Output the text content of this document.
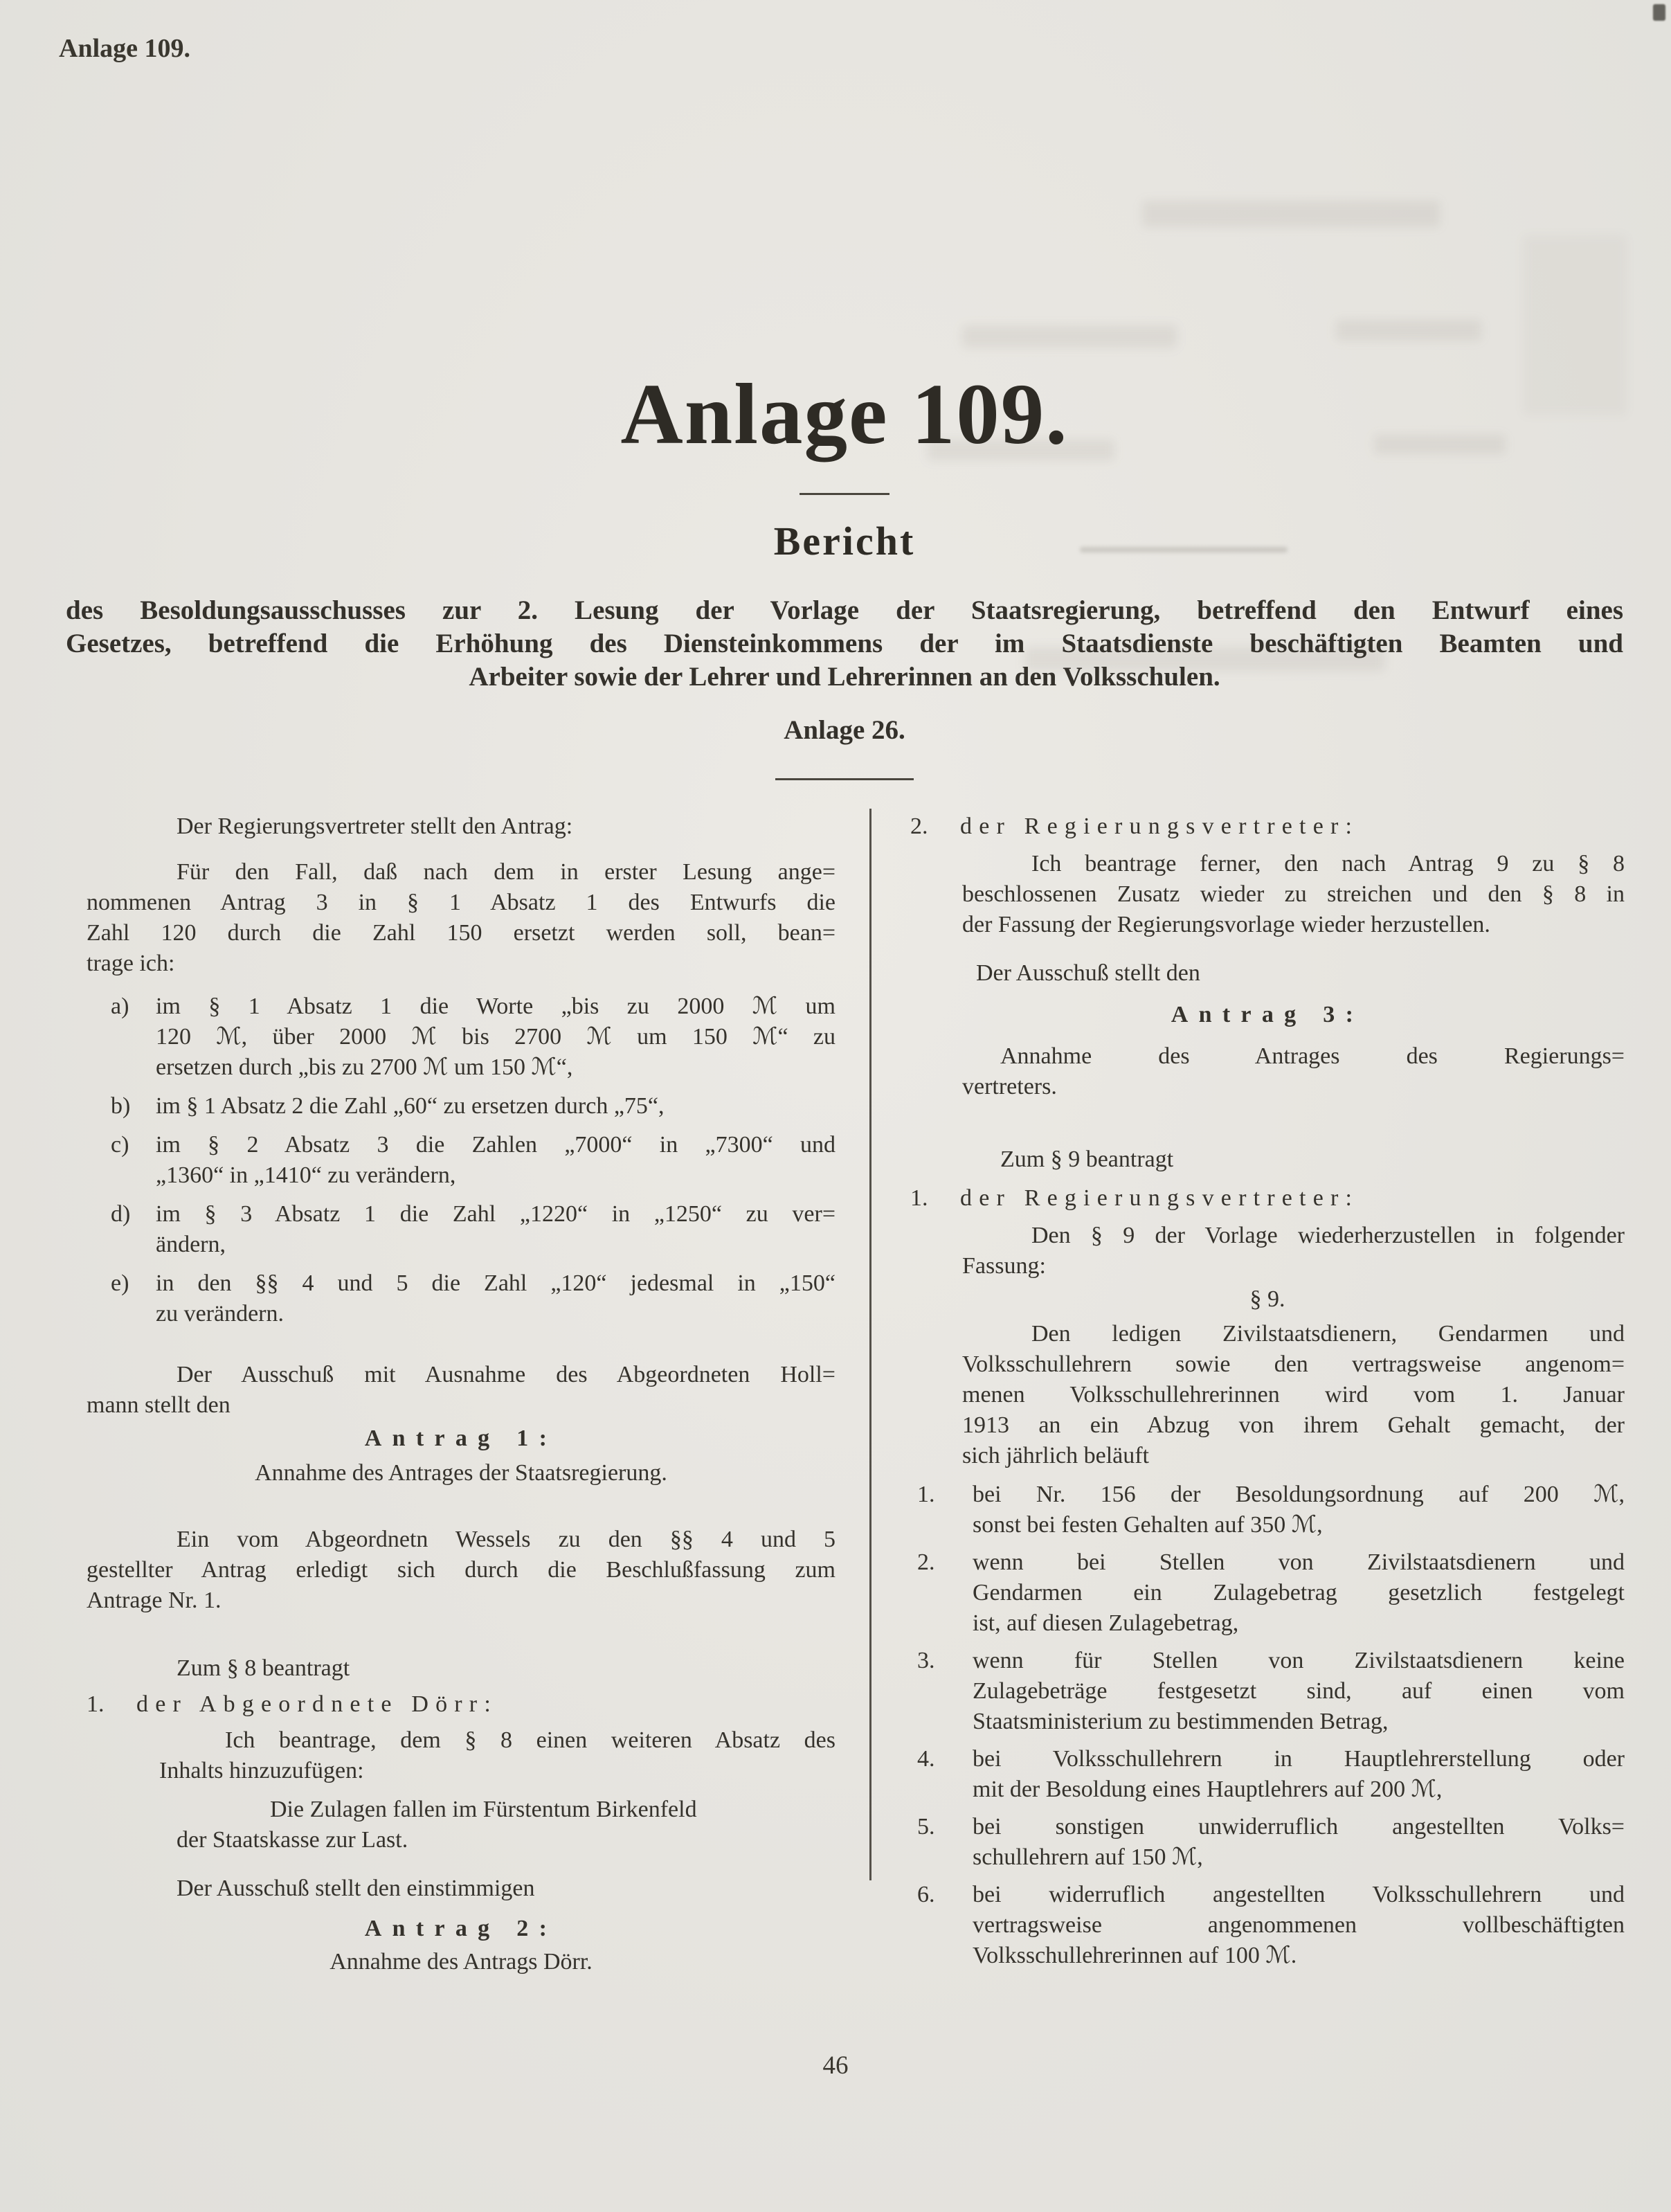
Anlage 109.
Anlage 109.
Bericht
des Besoldungsausschusses zur 2. Lesung der Vorlage der Staatsregierung, betreffend den Entwurf eines
Gesetzes, betreffend die Erhöhung des Diensteinkommens der im Staatsdienste beschäftigten Beamten und
Arbeiter sowie der Lehrer und Lehrerinnen an den Volksschulen.
Anlage 26.
Der Regierungsvertreter stellt den Antrag:
Für den Fall, daß nach dem in erster Lesung ange=
nommenen Antrag 3 in § 1 Absatz 1 des Entwurfs die
Zahl 120 durch die Zahl 150 ersetzt werden soll, bean=
trage ich:
a) im § 1 Absatz 1 die Worte „bis zu 2000 ℳ um
120 ℳ, über 2000 ℳ bis 2700 ℳ um 150 ℳ“ zu
ersetzen durch „bis zu 2700 ℳ um 150 ℳ“,
b) im § 1 Absatz 2 die Zahl „60“ zu ersetzen durch „75“,
c) im § 2 Absatz 3 die Zahlen „7000“ in „7300“ und
„1360“ in „1410“ zu verändern,
d) im § 3 Absatz 1 die Zahl „1220“ in „1250“ zu ver=
ändern,
e) in den §§ 4 und 5 die Zahl „120“ jedesmal in „150“
zu verändern.
Der Ausschuß mit Ausnahme des Abgeordneten Holl=
mann stellt den
Antrag 1:
Annahme des Antrages der Staatsregierung.
Ein vom Abgeordnetn Wessels zu den §§ 4 und 5
gestellter Antrag erledigt sich durch die Beschlußfassung zum
Antrage Nr. 1.
Zum § 8 beantragt
1. der Abgeordnete Dörr:
Ich beantrage, dem § 8 einen weiteren Absatz des
Inhalts hinzuzufügen:
Die Zulagen fallen im Fürstentum Birkenfeld
der Staatskasse zur Last.
Der Ausschuß stellt den einstimmigen
Antrag 2:
Annahme des Antrags Dörr.
2. der Regierungsvertreter:
Ich beantrage ferner, den nach Antrag 9 zu § 8
beschlossenen Zusatz wieder zu streichen und den § 8 in
der Fassung der Regierungsvorlage wieder herzustellen.
Der Ausschuß stellt den
Antrag 3:
Annahme des Antrages des Regierungs=
vertreters.
Zum § 9 beantragt
1. der Regierungsvertreter:
Den § 9 der Vorlage wiederherzustellen in folgender
Fassung:
§ 9.
Den ledigen Zivilstaatsdienern, Gendarmen und
Volksschullehrern sowie den vertragsweise angenom=
menen Volksschullehrerinnen wird vom 1. Januar
1913 an ein Abzug von ihrem Gehalt gemacht, der
sich jährlich beläuft
1. bei Nr. 156 der Besoldungsordnung auf 200 ℳ,
sonst bei festen Gehalten auf 350 ℳ,
2. wenn bei Stellen von Zivilstaatsdienern und
Gendarmen ein Zulagebetrag gesetzlich festgelegt
ist, auf diesen Zulagebetrag,
3. wenn für Stellen von Zivilstaatsdienern keine
Zulagebeträge festgesetzt sind, auf einen vom
Staatsministerium zu bestimmenden Betrag,
4. bei Volksschullehrern in Hauptlehrerstellung oder
mit der Besoldung eines Hauptlehrers auf 200 ℳ,
5. bei sonstigen unwiderruflich angestellten Volks=
schullehrern auf 150 ℳ,
6. bei widerruflich angestellten Volksschullehrern und
vertragsweise angenommenen vollbeschäftigten
Volksschullehrerinnen auf 100 ℳ.
46
